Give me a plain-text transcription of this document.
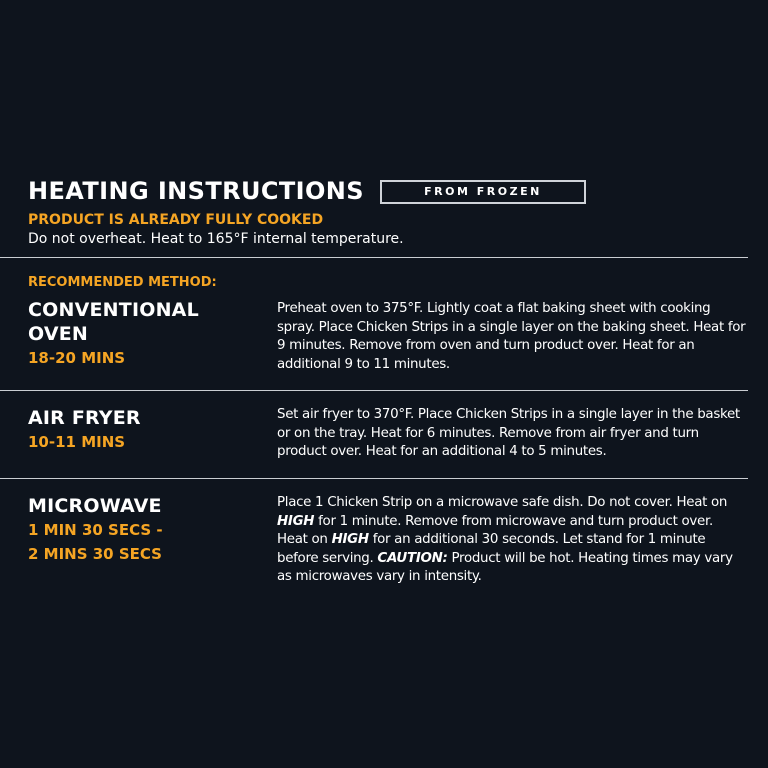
HEATING INSTRUCTIONS	FROM FROZEN
PRODUCT IS ALREADY FULLY COOKED
Do not overheat. Heat to 165°F internal temperature.
RECOMMENDED METHOD:
CONVENTIONAL
OVEN
18-20 MINS
Preheat oven to 375°F. Lightly coat a flat baking sheet with cooking spray. Place Chicken Strips in a single layer on the baking sheet. Heat for 9 minutes. Remove from oven and turn product over. Heat for an additional 9 to 11 minutes.
AIR FRYER
10-11 MINS
Set air fryer to 370°F. Place Chicken Strips in a single layer in the basket or on the tray. Heat for 6 minutes. Remove from air fryer and turn product over. Heat for an additional 4 to 5 minutes.
MICROWAVE
1 MIN 30 SECS -
2 MINS 30 SECS
Place 1 Chicken Strip on a microwave safe dish. Do not cover. Heat on HIGH for 1 minute. Remove from microwave and turn product over. Heat on HIGH for an additional 30 seconds. Let stand for 1 minute before serving. CAUTION: Product will be hot. Heating times may vary as microwaves vary in intensity.
